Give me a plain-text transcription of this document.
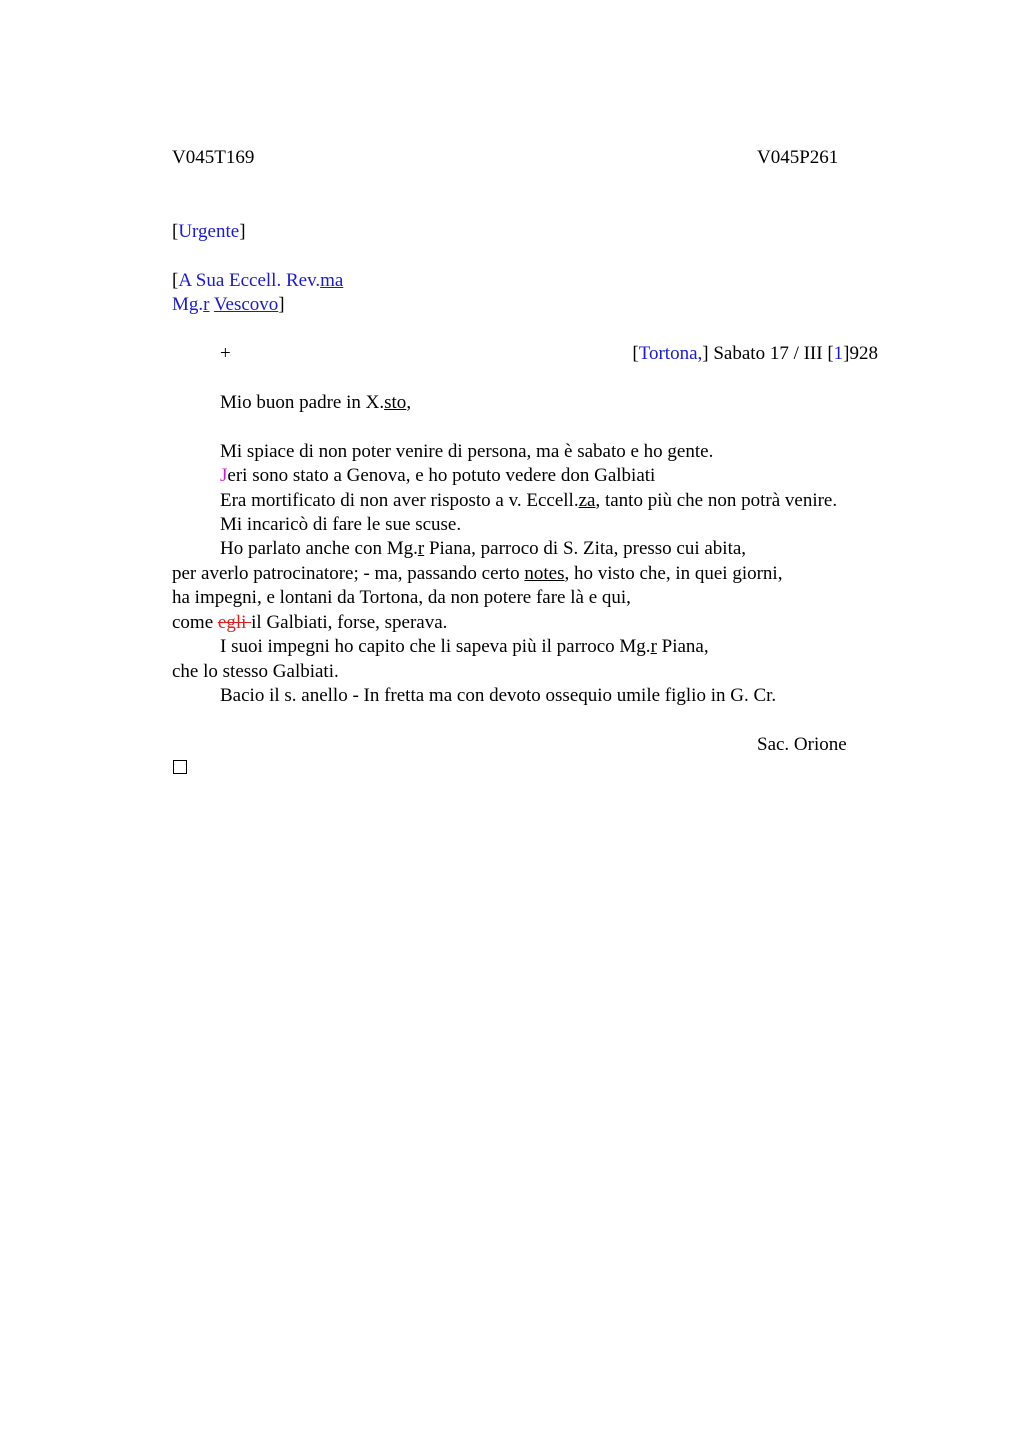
V045T169	V045P261
[Urgente]
[A Sua Eccell. Rev.ma
Mg.r Vescovo]
+	[Tortona,] Sabato 17 / III [1]928
Mio buon padre in X.sto,
Mi spiace di non poter venire di persona, ma è sabato e ho gente.
Jeri sono stato a Genova, e ho potuto vedere don Galbiati
Era mortificato di non aver risposto a v. Eccell.za, tanto più che non potrà venire.
Mi incaricò di fare le sue scuse.
Ho parlato anche con Mg.r Piana, parroco di S. Zita, presso cui abita,
per averlo patrocinatore; - ma, passando certo notes, ho visto che, in quei giorni,
ha impegni, e lontani da Tortona, da non potere fare là e qui,
come egli il Galbiati, forse, sperava.
I suoi impegni ho capito che li sapeva più il parroco Mg.r Piana,
che lo stesso Galbiati.
Bacio il s. anello - In fretta ma con devoto ossequio umile figlio in G. Cr.
Sac. Orione
